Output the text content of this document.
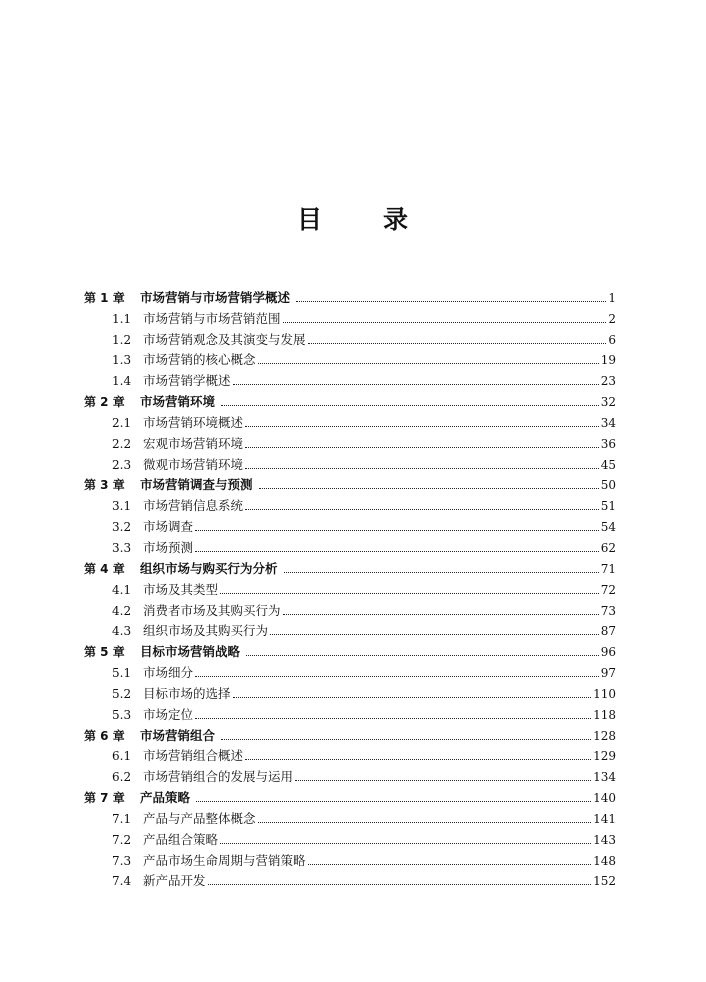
目 录
第 1 章	市场营销与市场营销学概述	1
1.1 市场营销与市场营销范围	2
1.2 市场营销观念及其演变与发展	6
1.3 市场营销的核心概念	19
1.4 市场营销学概述	23
第 2 章	市场营销环境	32
2.1 市场营销环境概述	34
2.2 宏观市场营销环境	36
2.3 微观市场营销环境	45
第 3 章	市场营销调查与预测	50
3.1 市场营销信息系统	51
3.2 市场调查	54
3.3 市场预测	62
第 4 章	组织市场与购买行为分析	71
4.1 市场及其类型	72
4.2 消费者市场及其购买行为	73
4.3 组织市场及其购买行为	87
第 5 章	目标市场营销战略	96
5.1 市场细分	97
5.2 目标市场的选择	110
5.3 市场定位	118
第 6 章	市场营销组合	128
6.1 市场营销组合概述	129
6.2 市场营销组合的发展与运用	134
第 7 章	产品策略	140
7.1 产品与产品整体概念	141
7.2 产品组合策略	143
7.3 产品市场生命周期与营销策略	148
7.4 新产品开发	152
